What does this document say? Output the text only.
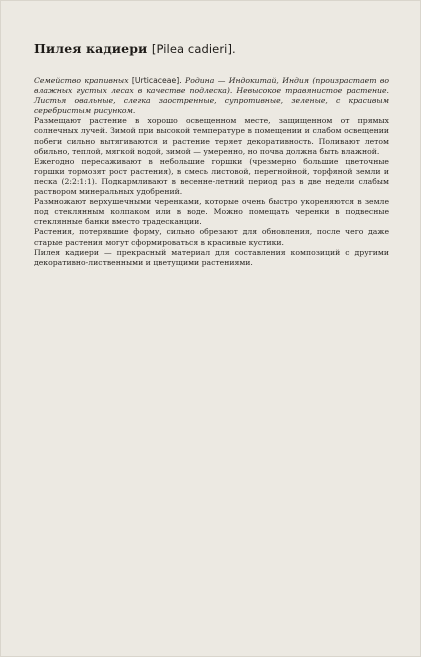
Пилея кадиери [Pilea cadieri].

Семейство крапивных [Urticaceae]. Родина — Индокитай, Индия (произрастает во влажных густых лесах в качестве подлеска). Невысокое травянистое растение. Листья овальные, слегка заостренные, супротивные, зеленые, с красивым серебристым рисунком.

Размещают растение в хорошо освещенном месте, защищенном от прямых солнечных лучей. Зимой при высокой температуре в помещении и слабом освещении побеги сильно вытягиваются и растение теряет декоративность. Поливают летом обильно, теплой, мягкой водой, зимой — умеренно, но почва должна быть влажной.

Ежегодно пересаживают в небольшие горшки (чрезмерно большие цветочные горшки тормозят рост растения), в смесь листовой, перегнойной, торфяной земли и песка (2:2:1:1). Подкармливают в весенне-летний период раз в две недели слабым раствором минеральных удобрений.

Размножают верхушечными черенками, которые очень быстро укореняются в земле под стеклянным колпаком или в воде. Можно помещать черенки в подвесные стеклянные банки вместо традесканции.

Растения, потерявшие форму, сильно обрезают для обновления, после чего даже старые растения могут сформироваться в красивые кустики.

Пилея кадиери — прекрасный материал для составления композиций с другими декоративно-лиственными и цветущими растениями.
